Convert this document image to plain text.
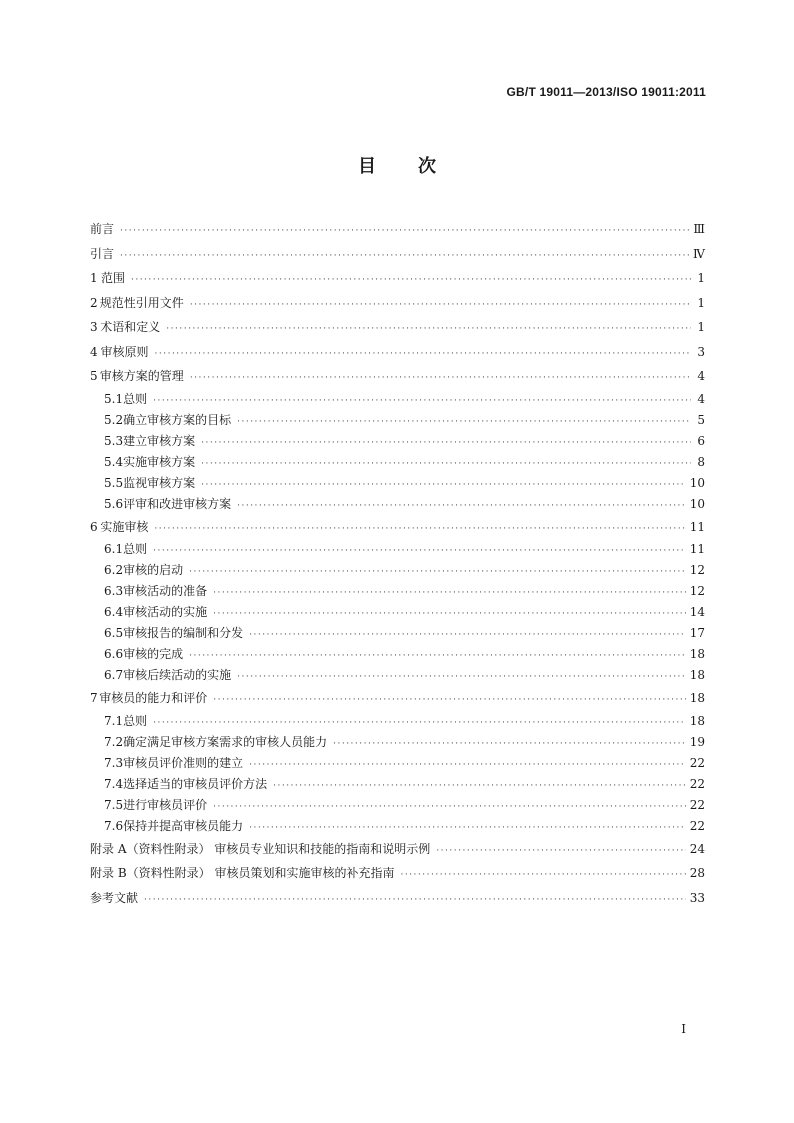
GB/T 19011—2013/ISO 19011:2011
目次
前言 ·····	Ⅲ
引言 ·····	Ⅳ
1 范围 ·····	1
2 规范性引用文件 ·····	1
3 术语和定义 ·····	1
4 审核原则 ·····	3
5 审核方案的管理 ·····	4
5.1 总则 ·····	4
5.2 确立审核方案的目标 ·····	5
5.3 建立审核方案 ·····	6
5.4 实施审核方案 ·····	8
5.5 监视审核方案 ·····	10
5.6 评审和改进审核方案 ·····	10
6 实施审核 ·····	11
6.1 总则 ·····	11
6.2 审核的启动 ·····	12
6.3 审核活动的准备 ·····	12
6.4 审核活动的实施 ·····	14
6.5 审核报告的编制和分发 ·····	17
6.6 审核的完成 ·····	18
6.7 审核后续活动的实施 ·····	18
7 审核员的能力和评价 ·····	18
7.1 总则 ·····	18
7.2 确定满足审核方案需求的审核人员能力 ·····	19
7.3 审核员评价准则的建立 ·····	22
7.4 选择适当的审核员评价方法 ·····	22
7.5 进行审核员评价 ·····	22
7.6 保持并提高审核员能力 ·····	22
附录 A（资料性附录） 审核员专业知识和技能的指南和说明示例 ·····	24
附录 B（资料性附录） 审核员策划和实施审核的补充指南 ·····	28
参考文献 ·····	33
Ⅰ
